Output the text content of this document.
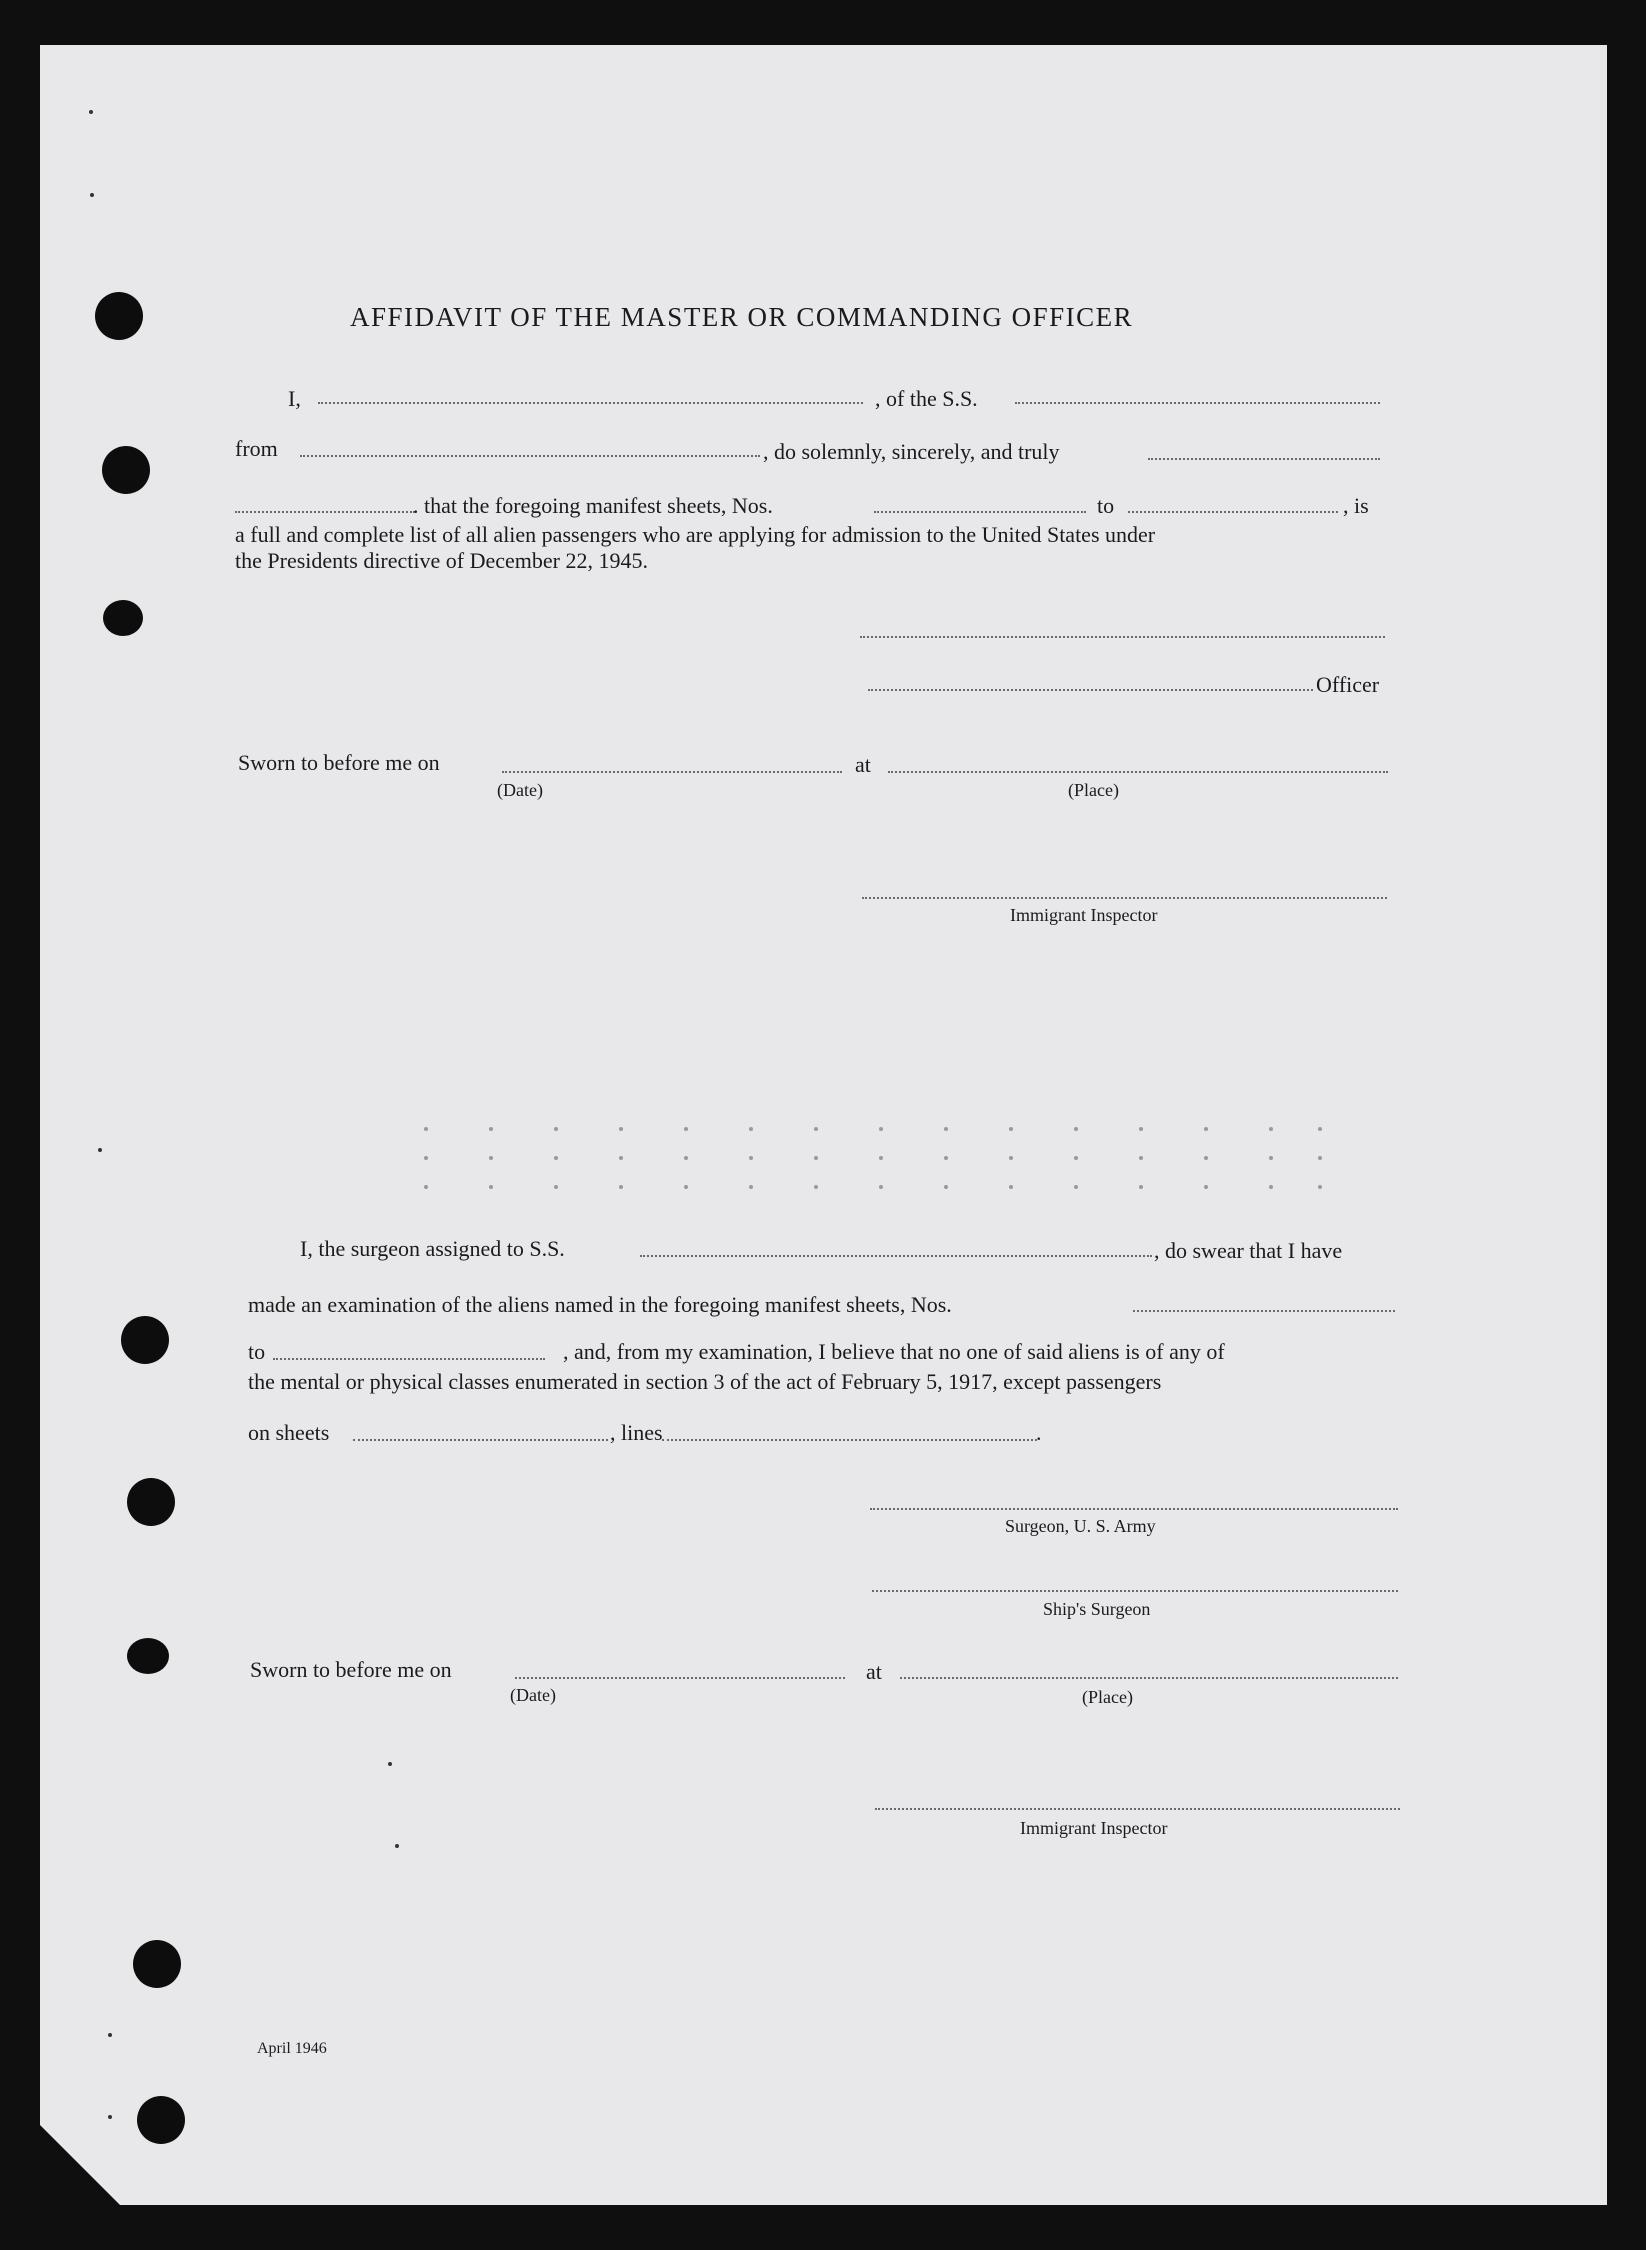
AFFIDAVIT OF THE MASTER OR COMMANDING OFFICER
I,	, of the S.S.
from	, do solemnly, sincerely, and truly
. that the foregoing manifest sheets, Nos.	to	, is
a full and complete list of all alien passengers who are applying for admission to the United States under
the Presidents directive of December 22, 1945.
Officer
Sworn to before me on	at
(Date)	(Place)
Immigrant Inspector
I, the surgeon assigned to S.S.	, do swear that I have
made an examination of the aliens named in the foregoing manifest sheets, Nos.
to	, and, from my examination, I believe that no one of said aliens is of any of
the mental or physical classes enumerated in section 3 of the act of February 5, 1917, except passengers
on sheets	, lines	.
Surgeon, U. S. Army
Ship's Surgeon
Sworn to before me on	at
(Date)	(Place)
Immigrant Inspector
April 1946
